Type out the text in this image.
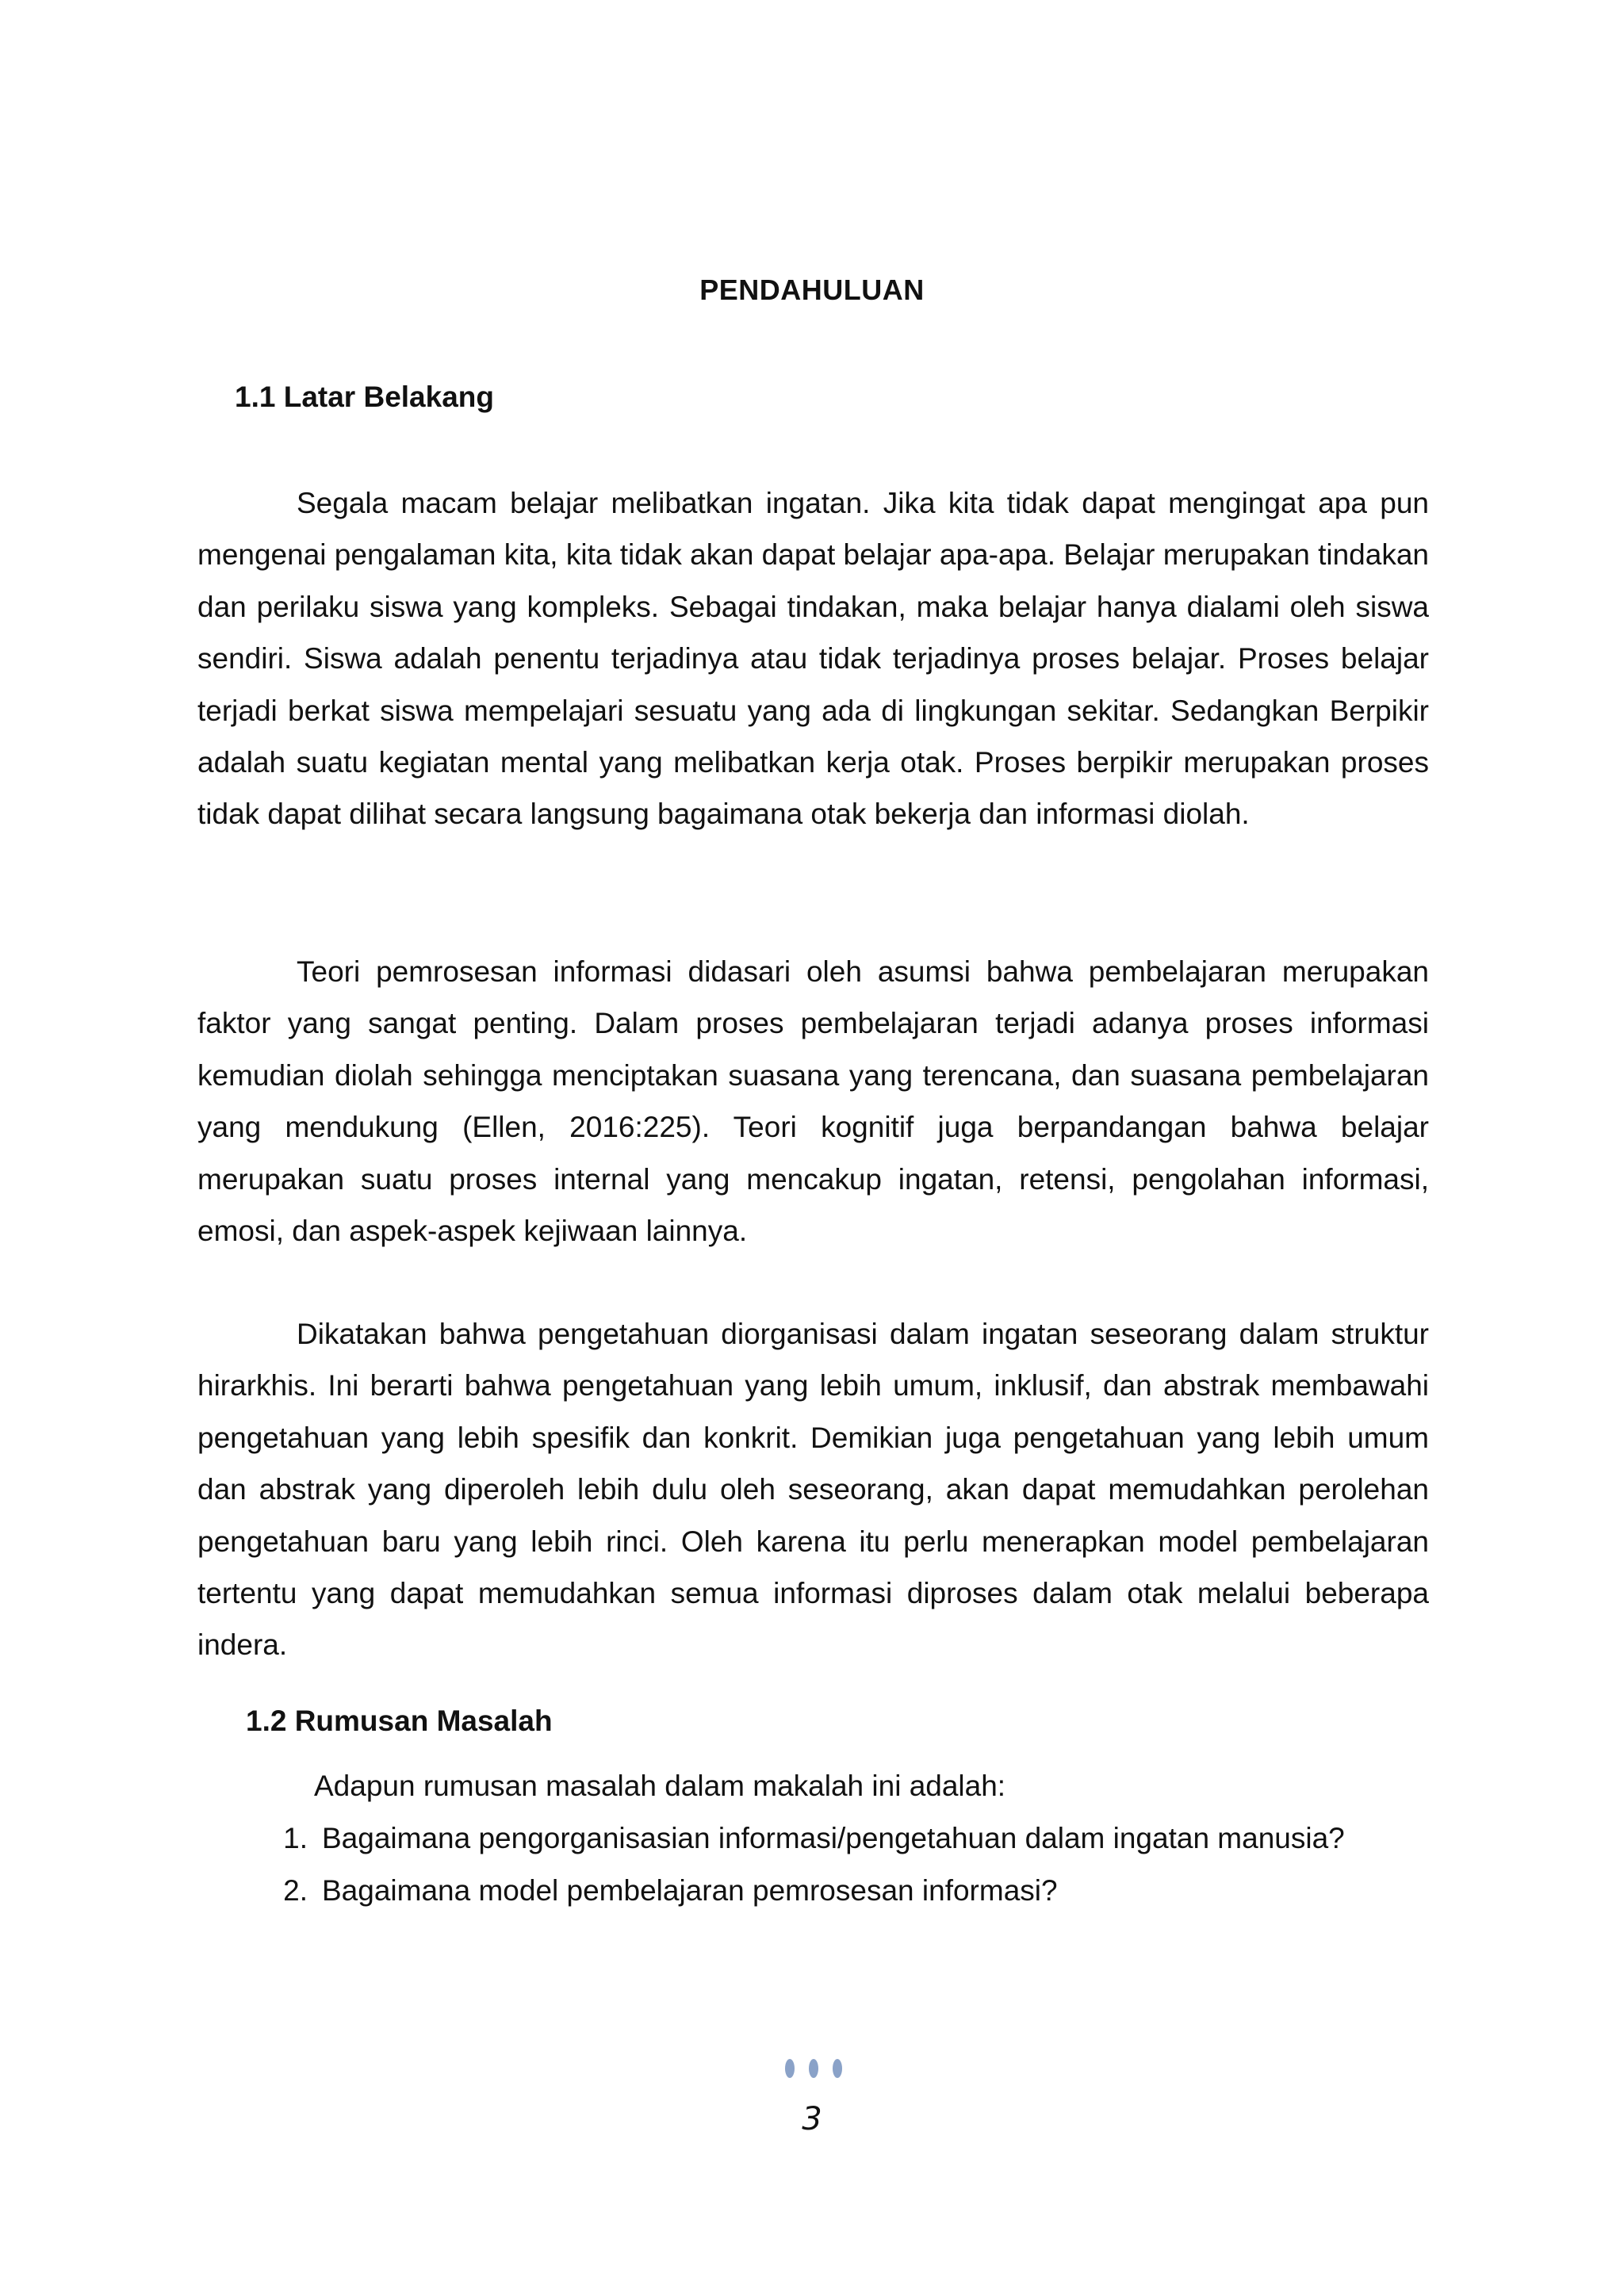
PENDAHULUAN
1.1 Latar Belakang

Segala macam belajar melibatkan ingatan. Jika kita tidak dapat mengingat apa pun mengenai pengalaman kita, kita tidak akan dapat belajar apa-apa. Belajar merupakan tindakan dan perilaku siswa yang kompleks. Sebagai tindakan, maka belajar hanya dialami oleh siswa sendiri. Siswa adalah penentu terjadinya atau tidak terjadinya proses belajar. Proses belajar terjadi berkat siswa mempelajari sesuatu yang ada di lingkungan sekitar. Sedangkan Berpikir adalah suatu kegiatan mental yang melibatkan kerja otak. Proses berpikir merupakan proses tidak dapat dilihat secara langsung bagaimana otak bekerja dan informasi diolah.

Teori pemrosesan informasi didasari oleh asumsi bahwa pembelajaran merupakan faktor yang sangat penting. Dalam proses pembelajaran terjadi adanya proses informasi kemudian diolah sehingga menciptakan suasana yang terencana, dan suasana pembelajaran yang mendukung (Ellen, 2016:225). Teori kognitif juga berpandangan bahwa belajar merupakan suatu proses internal yang mencakup ingatan, retensi, pengolahan informasi, emosi, dan aspek-aspek kejiwaan lainnya.

Dikatakan bahwa pengetahuan diorganisasi dalam ingatan seseorang dalam struktur hirarkhis. Ini berarti bahwa pengetahuan yang lebih umum, inklusif, dan abstrak membawahi pengetahuan yang lebih spesifik dan konkrit. Demikian juga pengetahuan yang lebih umum dan abstrak yang diperoleh lebih dulu oleh seseorang, akan dapat memudahkan perolehan pengetahuan baru yang lebih rinci. Oleh karena itu perlu menerapkan model pembelajaran tertentu yang dapat memudahkan semua informasi diproses dalam otak melalui beberapa indera.

1.2 Rumusan Masalah
Adapun rumusan masalah dalam makalah ini adalah:
1. Bagaimana pengorganisasian informasi/pengetahuan dalam ingatan manusia?
2. Bagaimana model pembelajaran pemrosesan informasi?
3
